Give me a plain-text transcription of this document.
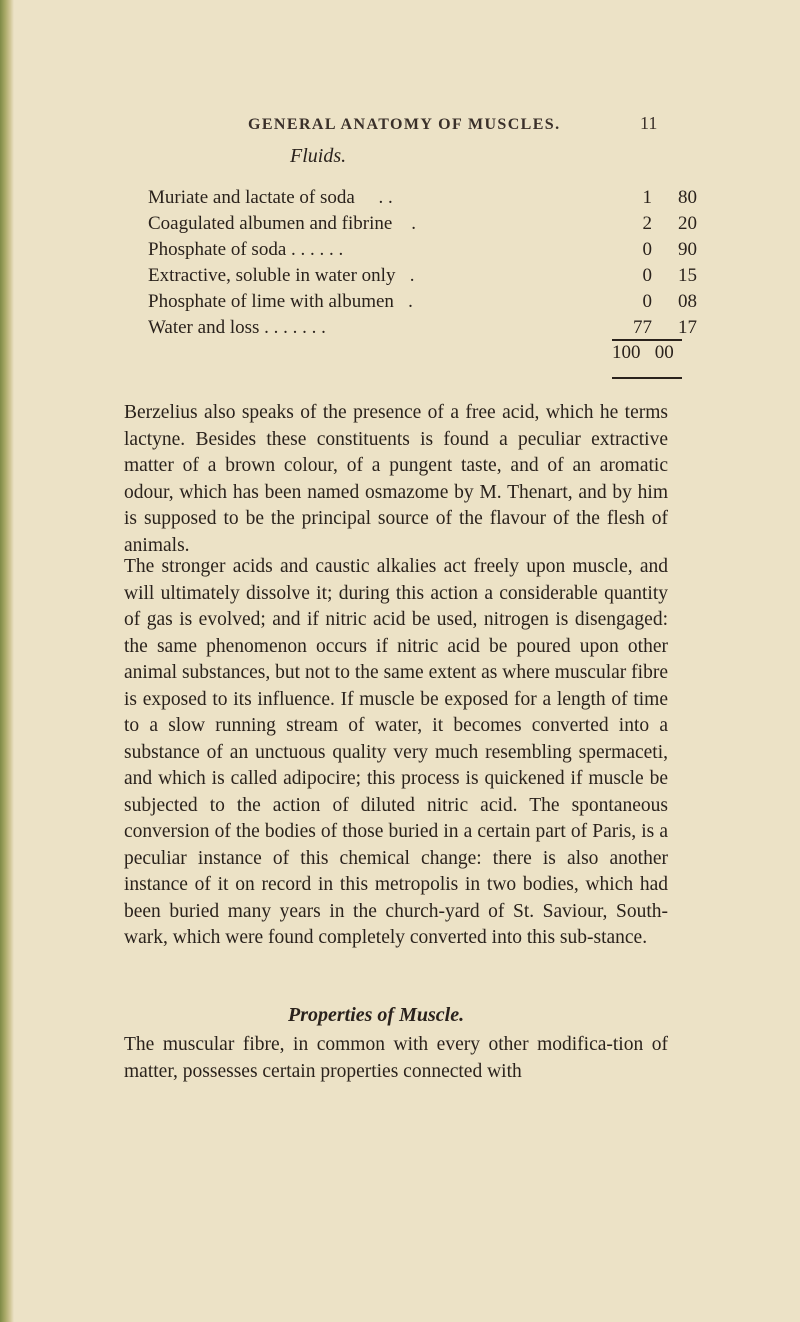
GENERAL ANATOMY OF MUSCLES.	11
Fluids.
Muriate and lactate of soda     . .	1 80
Coagulated albumen and fibrine    .	2 20
Phosphate of soda . . . . . .	0 90
Extractive, soluble in water only   .	0 15
Phosphate of lime with albumen   .	0 08
Water and loss . . . . . . .	77 17
100   00

Berzelius also speaks of the presence of a free acid, which he terms lactyne. Besides these constituents is found a peculiar extractive matter of a brown colour, of a pungent taste, and of an aromatic odour, which has been named osmazome by M. Thenart, and by him is supposed to be the principal source of the flavour of the flesh of animals.

The stronger acids and caustic alkalies act freely upon muscle, and will ultimately dissolve it; during this action a considerable quantity of gas is evolved; and if nitric acid be used, nitrogen is disengaged: the same phenomenon occurs if nitric acid be poured upon other animal substances, but not to the same extent as where muscular fibre is exposed to its influence. If muscle be exposed for a length of time to a slow running stream of water, it becomes converted into a substance of an unctuous quality very much resembling spermaceti, and which is called adipocire; this process is quickened if muscle be subjected to the action of diluted nitric acid. The spontaneous conversion of the bodies of those buried in a certain part of Paris, is a peculiar instance of this chemical change: there is also another instance of it on record in this metropolis in two bodies, which had been buried many years in the church-yard of St. Saviour, South-wark, which were found completely converted into this sub-stance.

Properties of Muscle.

The muscular fibre, in common with every other modifica-tion of matter, possesses certain properties connected with
